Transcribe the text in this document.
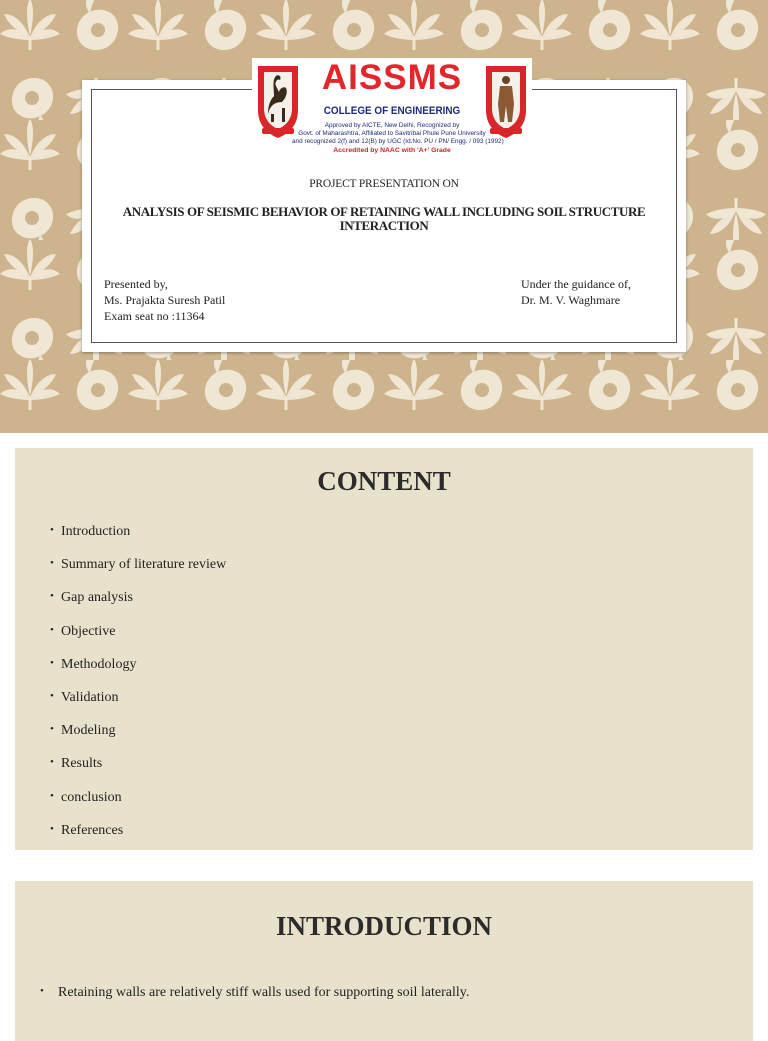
AISSMS
COLLEGE OF ENGINEERING
Approved by AICTE, New Delhi, Recognized by
Govt. of Maharashtra, Affiliated to Savitribai Phule Pune University
and recognized 2(f) and 12(B) by UGC (Id.No. PU / PN/ Engg. / 093 (1992)
Accredited by NAAC with 'A+' Grade
PROJECT PRESENTATION ON
ANALYSIS OF SEISMIC BEHAVIOR OF RETAINING WALL INCLUDING SOIL STRUCTURE INTERACTION
Presented by,
Ms. Prajakta Suresh Patil
Exam seat no :11364
Under the guidance of,
Dr. M. V. Waghmare
CONTENT
• Introduction
• Summary of literature review
• Gap analysis
• Objective
• Methodology
• Validation
• Modeling
• Results
• conclusion
• References
INTRODUCTION
• Retaining walls are relatively stiff walls used for supporting soil laterally.
